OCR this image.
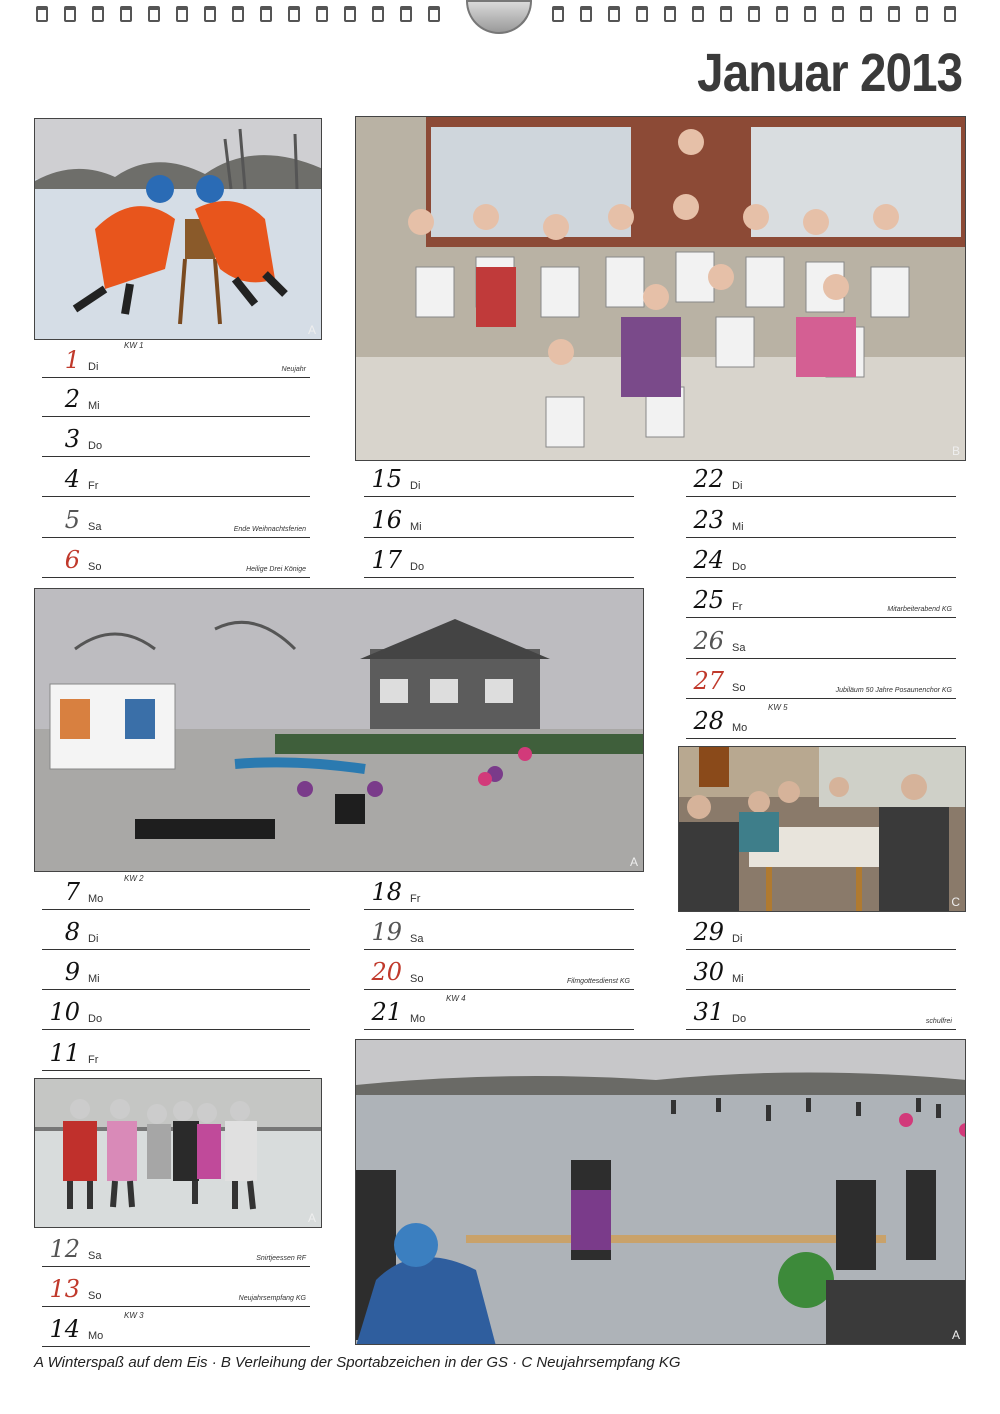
Januar 2013
A
B
A
C
A
A
KW 1
1 Di	Neujahr
2 Mi
3 Do
4 Fr
5 Sa	Ende Weihnachtsferien
6 So	Heilige Drei Könige
15 Di
16 Mi
17 Do
22 Di
23 Mi
24 Do
25 Fr	Mitarbeiterabend KG
26 Sa
27 So	Jubiläum 50 Jahre Posaunenchor KG
KW 5
28 Mo
KW 2
7 Mo
8 Di
9 Mi
10 Do
11 Fr
18 Fr
19 Sa
20 So	Filmgottesdienst KG
KW 4
21 Mo
29 Di
30 Mi
31 Do	schulfrei
12 Sa	Snirtjeessen RF
13 So	Neujahrsempfang KG
KW 3
14 Mo
A Winterspaß auf dem Eis · B Verleihung der Sportabzeichen in der GS · C Neujahrsempfang KG
